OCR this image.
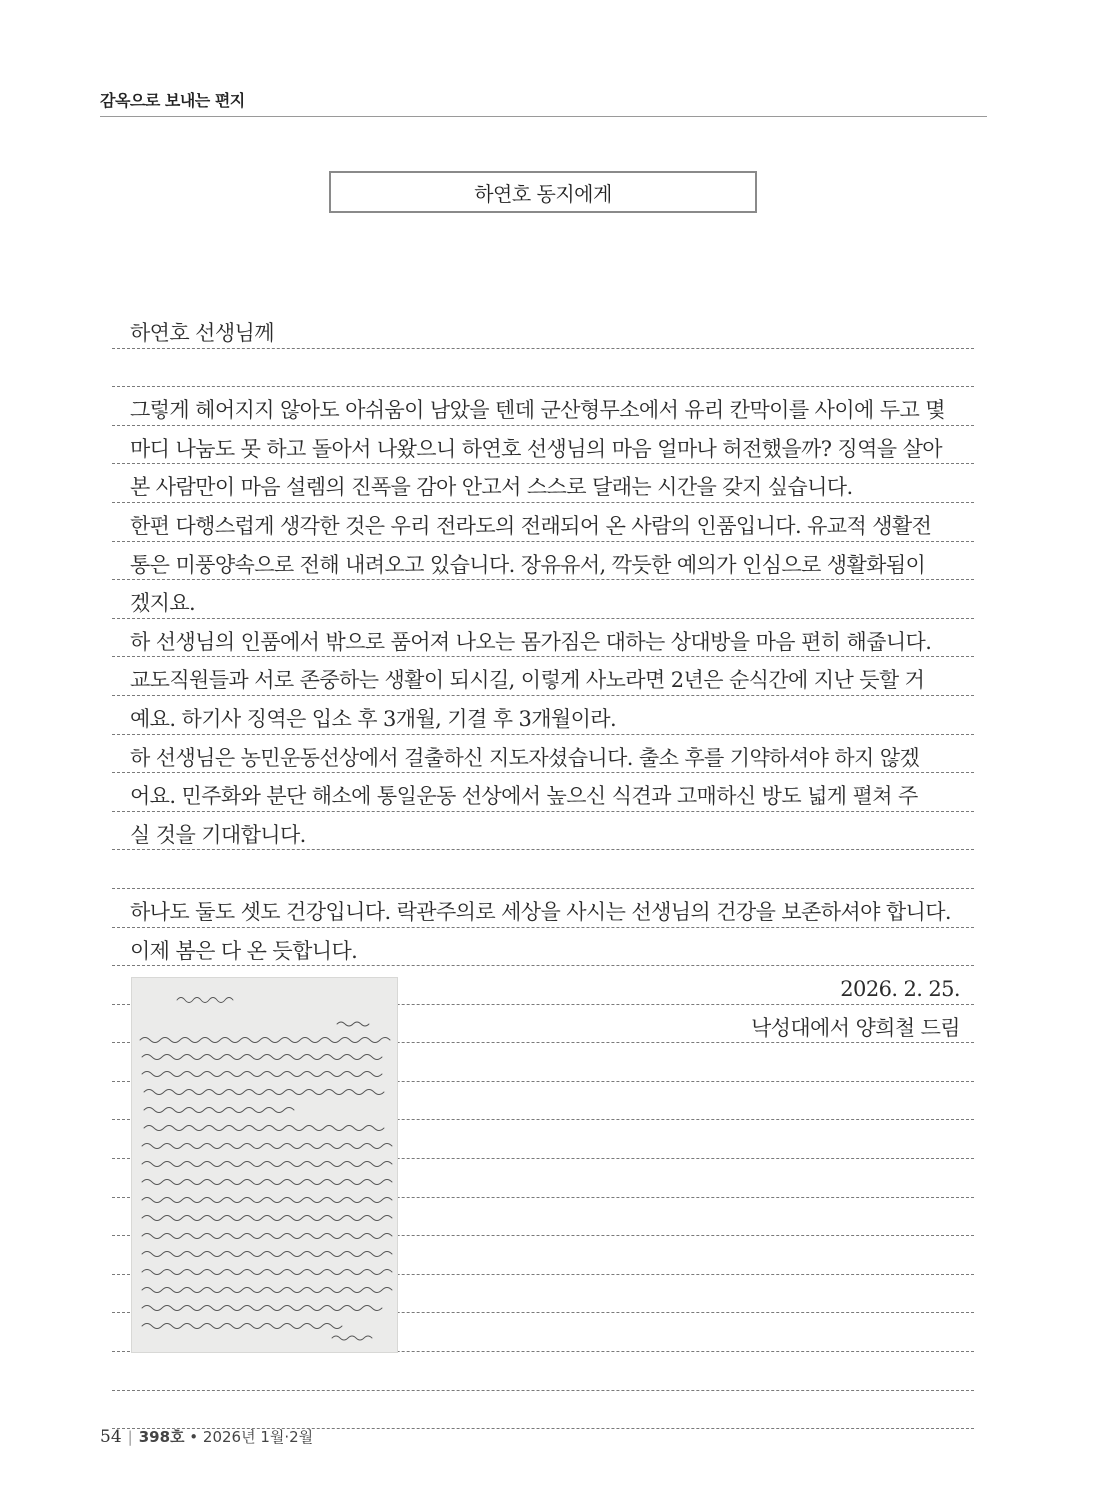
감옥으로 보내는 편지
하연호 동지에게
하연호 선생님께
그렇게 헤어지지 않아도 아쉬움이 남았을 텐데 군산형무소에서 유리 칸막이를 사이에 두고 몇
마디 나눔도 못 하고 돌아서 나왔으니 하연호 선생님의 마음 얼마나 허전했을까? 징역을 살아
본 사람만이 마음 설렘의 진폭을 감아 안고서 스스로 달래는 시간을 갖지 싶습니다.
한편 다행스럽게 생각한 것은 우리 전라도의 전래되어 온 사람의 인품입니다. 유교적 생활전
통은 미풍양속으로 전해 내려오고 있습니다. 장유유서, 깍듯한 예의가 인심으로 생활화됨이
겠지요.
하 선생님의 인품에서 밖으로 품어져 나오는 몸가짐은 대하는 상대방을 마음 편히 해줍니다.
교도직원들과 서로 존중하는 생활이 되시길, 이렇게 사노라면 2년은 순식간에 지난 듯할 거
예요. 하기사 징역은 입소 후 3개월, 기결 후 3개월이라.
하 선생님은 농민운동선상에서 걸출하신 지도자셨습니다. 출소 후를 기약하셔야 하지 않겠
어요. 민주화와 분단 해소에 통일운동 선상에서 높으신 식견과 고매하신 방도 넓게 펼쳐 주
실 것을 기대합니다.
하나도 둘도 셋도 건강입니다. 락관주의로 세상을 사시는 선생님의 건강을 보존하셔야 합니다.
이제 봄은 다 온 듯합니다.
2026. 2. 25.
낙성대에서 양희철 드림
54 | 398호 • 2026년 1월·2월
